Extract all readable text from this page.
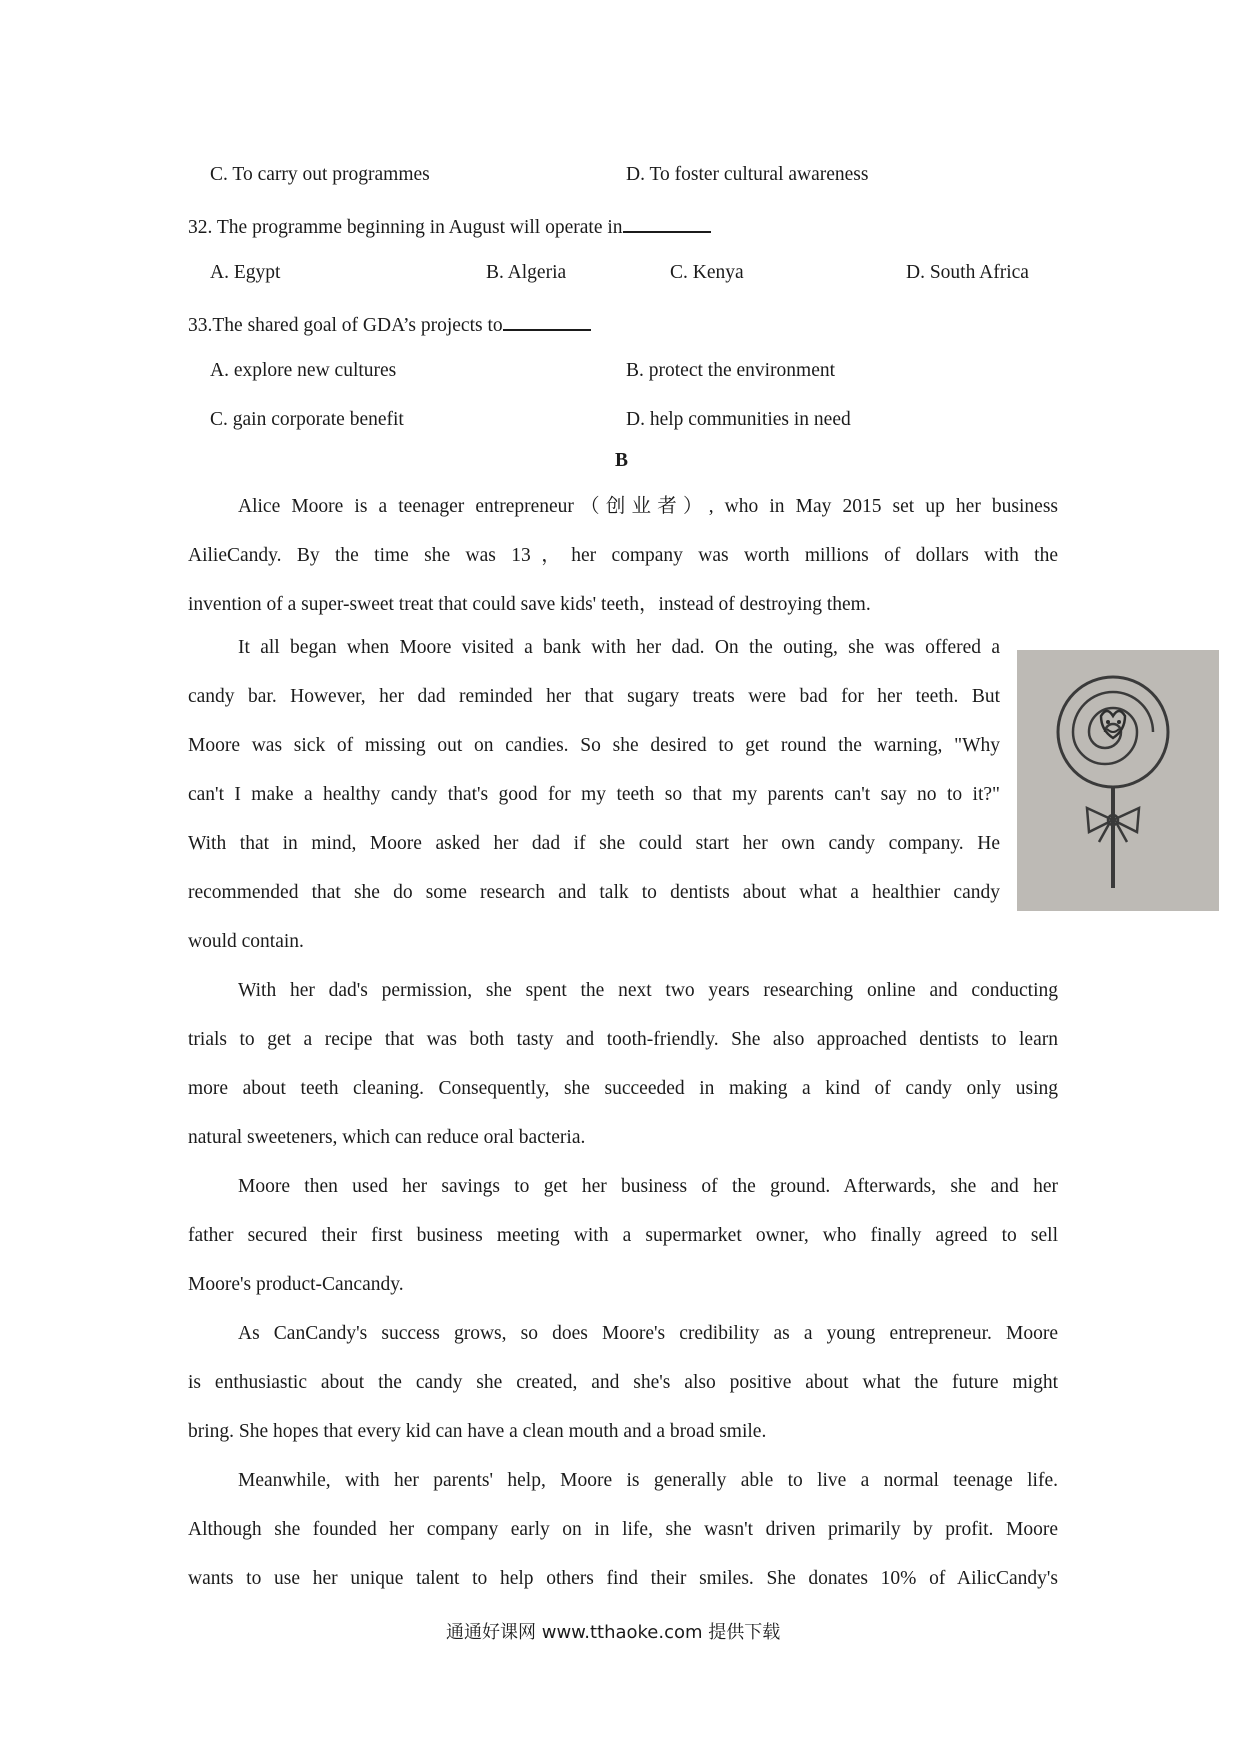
C. To carry out programmes	D. To foster cultural awareness
32. The programme beginning in August will operate in
A. Egypt	B. Algeria	C. Kenya	D. South Africa
33.The shared goal of GDA’s projects to
A. explore new cultures	B. protect the environment
C. gain corporate benefit	D. help communities in need
B
Alice Moore is a teenager entrepreneur（创业者）, who in May 2015 set up her business
AilieCandy. By the time she was 13，her company was worth millions of dollars with the
invention of a super-sweet treat that could save kids' teeth，instead of destroying them.
It all began when Moore visited a bank with her dad. On the outing, she was offered a
candy bar. However, her dad reminded her that sugary treats were bad for her teeth. But
Moore was sick of missing out on candies. So she desired to get round the warning, "Why
can't I make a healthy candy that's good for my teeth so that my parents can't say no to it?"
With that in mind, Moore asked her dad if she could start her own candy company. He
recommended that she do some research and talk to dentists about what a healthier candy
would contain.
With her dad's permission, she spent the next two years researching online and conducting
trials to get a recipe that was both tasty and tooth-friendly. She also approached dentists to learn
more about teeth cleaning. Consequently, she succeeded in making a kind of candy only using
natural sweeteners, which can reduce oral bacteria.
Moore then used her savings to get her business of the ground. Afterwards, she and her
father secured their first business meeting with a supermarket owner, who finally agreed to sell
Moore's product-Cancandy.
As CanCandy's success grows, so does Moore's credibility as a young entrepreneur. Moore
is enthusiastic about the candy she created, and she's also positive about what the future might
bring. She hopes that every kid can have a clean mouth and a broad smile.
Meanwhile, with her parents' help, Moore is generally able to live a normal teenage life.
Although she founded her company early on in life, she wasn't driven primarily by profit. Moore
wants to use her unique talent to help others find their smiles. She donates 10% of AilicCandy's
通通好课网 www.tthaoke.com 提供下载
